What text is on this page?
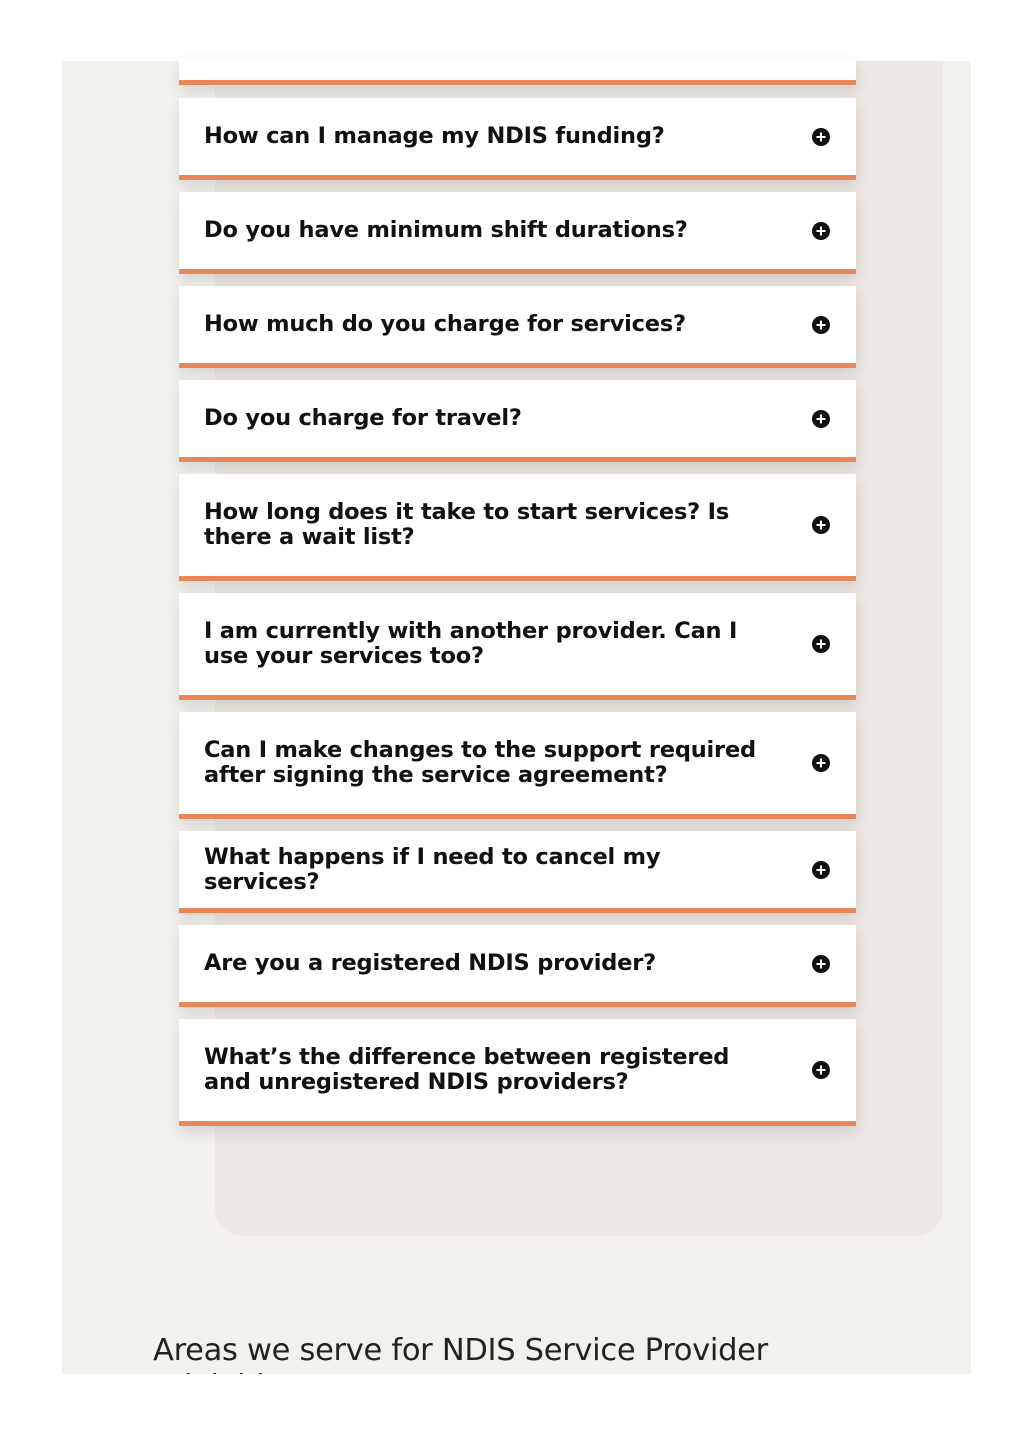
How can I manage my NDIS funding?
Do you have minimum shift durations?
How much do you charge for services?
Do you charge for travel?
How long does it take to start services? Is there a wait list?
I am currently with another provider. Can I use your services too?
Can I make changes to the support required after signing the service agreement?
What happens if I need to cancel my services?
Are you a registered NDIS provider?
What’s the difference between registered and unregistered NDIS providers?
Areas we serve for NDIS Service Provider
